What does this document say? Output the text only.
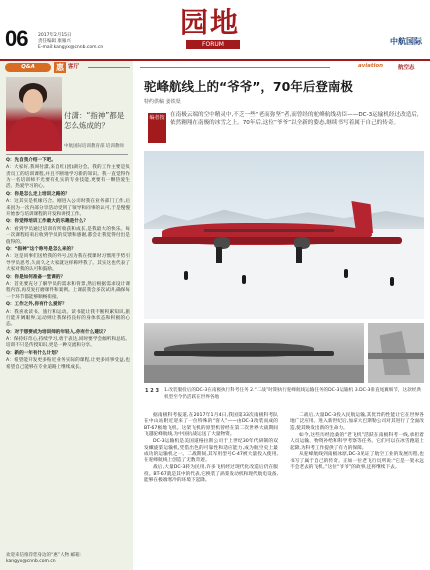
06 2017年2月15日
责任编辑 康雁兴
E-mail:kangyx@cnnb.com.cn
园地
FORUM	中航国际
Q&A	惠 客厅
付潇：“指神”都是怎么炼成的？
中航国际培训教育部 培训教师

Q：先自我介绍一下吧。

A：大家好,我叫付潇,来自红(团)湖分会。我的工作主要是负责员工的培训课程,并且不断地学习新的知识。我一直觉得作为一名培训师不光要有扎实的专业技能,更要有一颗热爱生活、热爱学习的心。

Q：你是怎么走上培训之路的？

A：这其实是机缘巧合。刚进入公司时我在业务部门工作,后来因为一次内部分享活动受到了领导和同事的认可,于是慢慢开始参与培训课程的开发和讲授工作。

Q：你觉得培训工作最大的乐趣是什么？

A：看到学员通过培训有所收获和成长,是我最大的快乐。每一次课程结束后收到学员的反馈和感谢,都会让我觉得付出是值得的。

Q：“指神”这个称号是怎么来的？

A：这是同事们送给我的外号,因为我在授课时习惯用手势引导学员思考,久而久之大家就这样称呼我了。其实这也代表了大家对我的认可和鼓励。

Q：你是如何准备一堂课的？

A：首先要充分了解学员的需求和背景,然后根据需求设计课程内容,再反复打磨课件和案例。上课前我会多次试讲,确保每一个环节都能够顺畅衔接。

Q：工作之外,你有什么爱好？

A：我喜欢读书、旅行和运动。读书能让我不断积累知识,旅行能开阔眼界,运动则让我保持良好的身体状态和积极的心态。

Q：对于想要成为培训师的年轻人,你有什么建议？

A：保持好奇心,持续学习,勇于表达,同时要学会倾听和总结。培训不只是传授知识,更是一种交流和分享。

Q：新的一年有什么计划？

A：希望能开发更多贴近业务实际的课程,让更多同事受益,也希望自己能够在专业道路上继续成长。

欢迎来信推荐您身边的“惠”人物 邮箱：kangyx@cnnb.com.cn
aviation	航空志
驼峰航线上的“爷爷”，70年后登南极
特约供稿 姜铁渠
编者按 在南极云端的空中精灵中,不乏一些“老而弥坚”者,而曾经的驼峰航线功臣——DC-3运输机经过改造后,依然翱翔在南极的冰雪之上。70年后,这位“爷爷”以全新的姿态,继续书写着属于自己的传奇。
1 2 3 1.改装服役后的DC-3在南极执行科考任务 2.“二战”时期执行驼峰航线运输任务的DC-3运输机 3.DC-3垂直尾翼细节，这款经典机型至今仍活跃在世界各地

据南极科考报道,在2017年1月4日,我国第33次南极科考队在中山站附近迎来了一位特殊的“客人”——由DC-3改装而成的BT-67极地飞机。这架飞机的原型机曾经在第二次世界大战期间飞越驼峰航线,为中国抗战运送了大量物资。

DC-3运输机是美国道格拉斯公司于上世纪30年代研制的双发螺旋桨运输机,凭借出色的可靠性和适应能力,成为航空史上最成功的运输机之一。二战期间,其军用型号C-47被大量投入使用,在驼峰航线上创造了无数奇迹。

战后,大量DC-3转为民用,许多飞机经过现代化改造后仍在服役。BT-67就是其中的代表,它换装了涡桨发动机和现代航电设备,能够在极端寒冷的环境下起降。

二战后,大量DC-3投入民航运输,其优异的性能让它在世界各地广泛应用。进入新世纪后,加拿大巴斯勒公司对其进行了全面改造,使其焕发出新的生命力。

如今,这些历经沧桑的“老飞机”活跃在南极科考一线,承担着人员运输、物资补给和科学考察等任务。它们可以在冰雪跑道上起降,为科考工作提供了有力的保障。

从驼峰航线到南极冰原,DC-3见证了航空工业的发展历程,也书写了属于自己的传奇。正如一位老飞行员所说:“它是一架永远不会老去的飞机。”这位“爷爷”的故事,还将继续下去。
